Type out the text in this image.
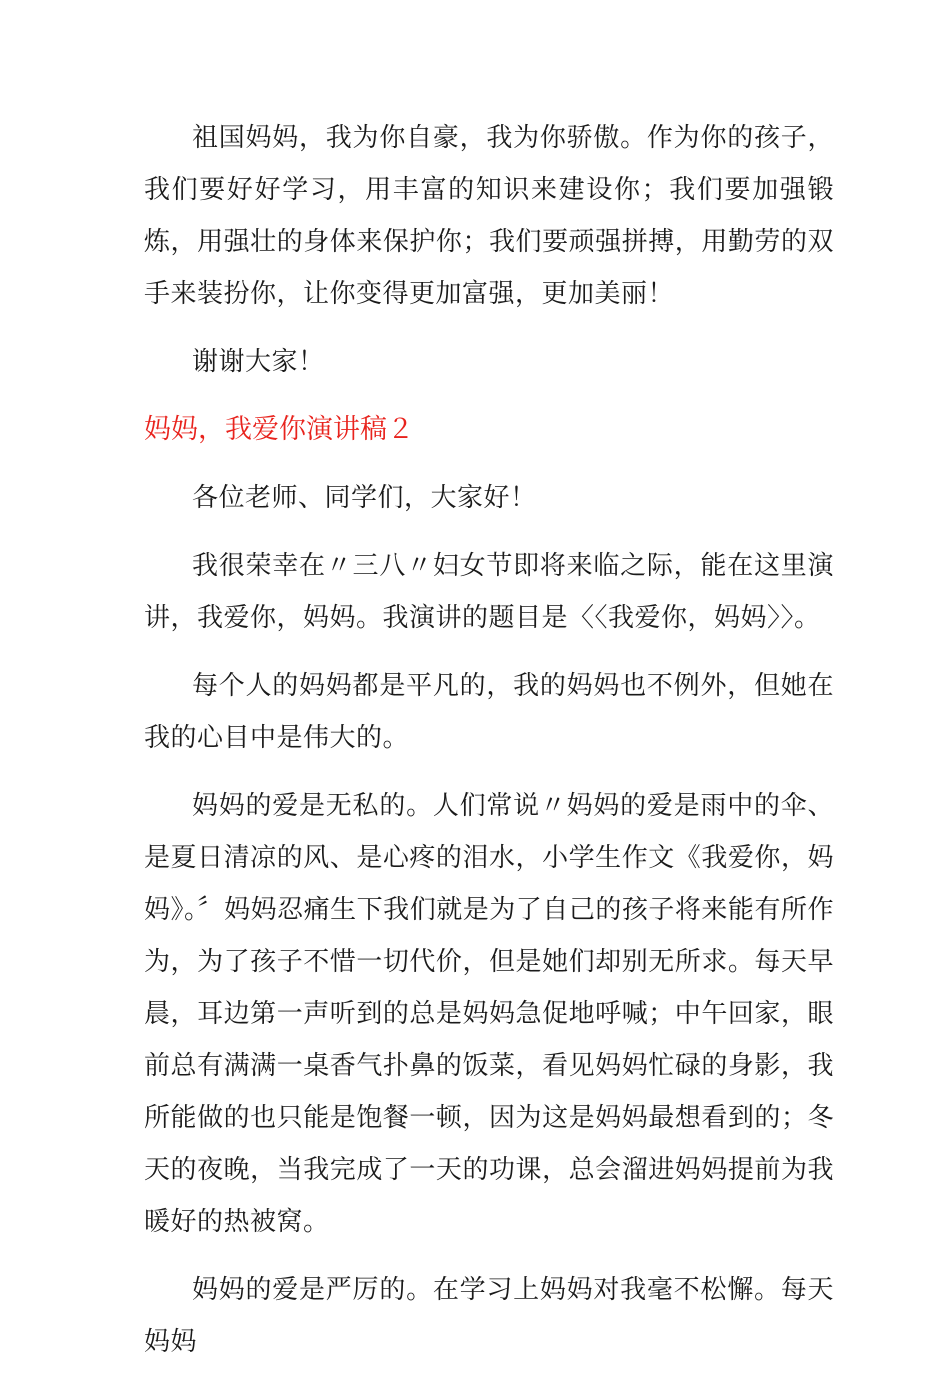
祖国妈妈，我为你自豪，我为你骄傲。作为你的孩子，我们要好好学习，用丰富的知识来建设你；我们要加强锻炼，用强壮的身体来保护你；我们要顽强拼搏，用勤劳的双手来装扮你，让你变得更加富强，更加美丽！

谢谢大家！

妈妈，我爱你演讲稿２

各位老师、同学们，大家好！

我很荣幸在〃三八〃妇女节即将来临之际，能在这里演讲，我爱你，妈妈。我演讲的题目是〈〈我爱你，妈妈〉〉。

每个人的妈妈都是平凡的，我的妈妈也不例外，但她在我的心目中是伟大的。

妈妈的爱是无私的。人们常说〃妈妈的爱是雨中的伞、是夏日清凉的风、是心疼的泪水，小学生作文《我爱你，妈妈》。〞妈妈忍痛生下我们就是为了自己的孩子将来能有所作为，为了孩子不惜一切代价，但是她们却别无所求。每天早晨，耳边第一声听到的总是妈妈急促地呼喊；中午回家，眼前总有满满一桌香气扑鼻的饭菜，看见妈妈忙碌的身影，我所能做的也只能是饱餐一顿，因为这是妈妈最想看到的；冬天的夜晚，当我完成了一天的功课，总会溜进妈妈提前为我暖好的热被窝。

妈妈的爱是严厉的。在学习上妈妈对我毫不松懈。每天妈妈
